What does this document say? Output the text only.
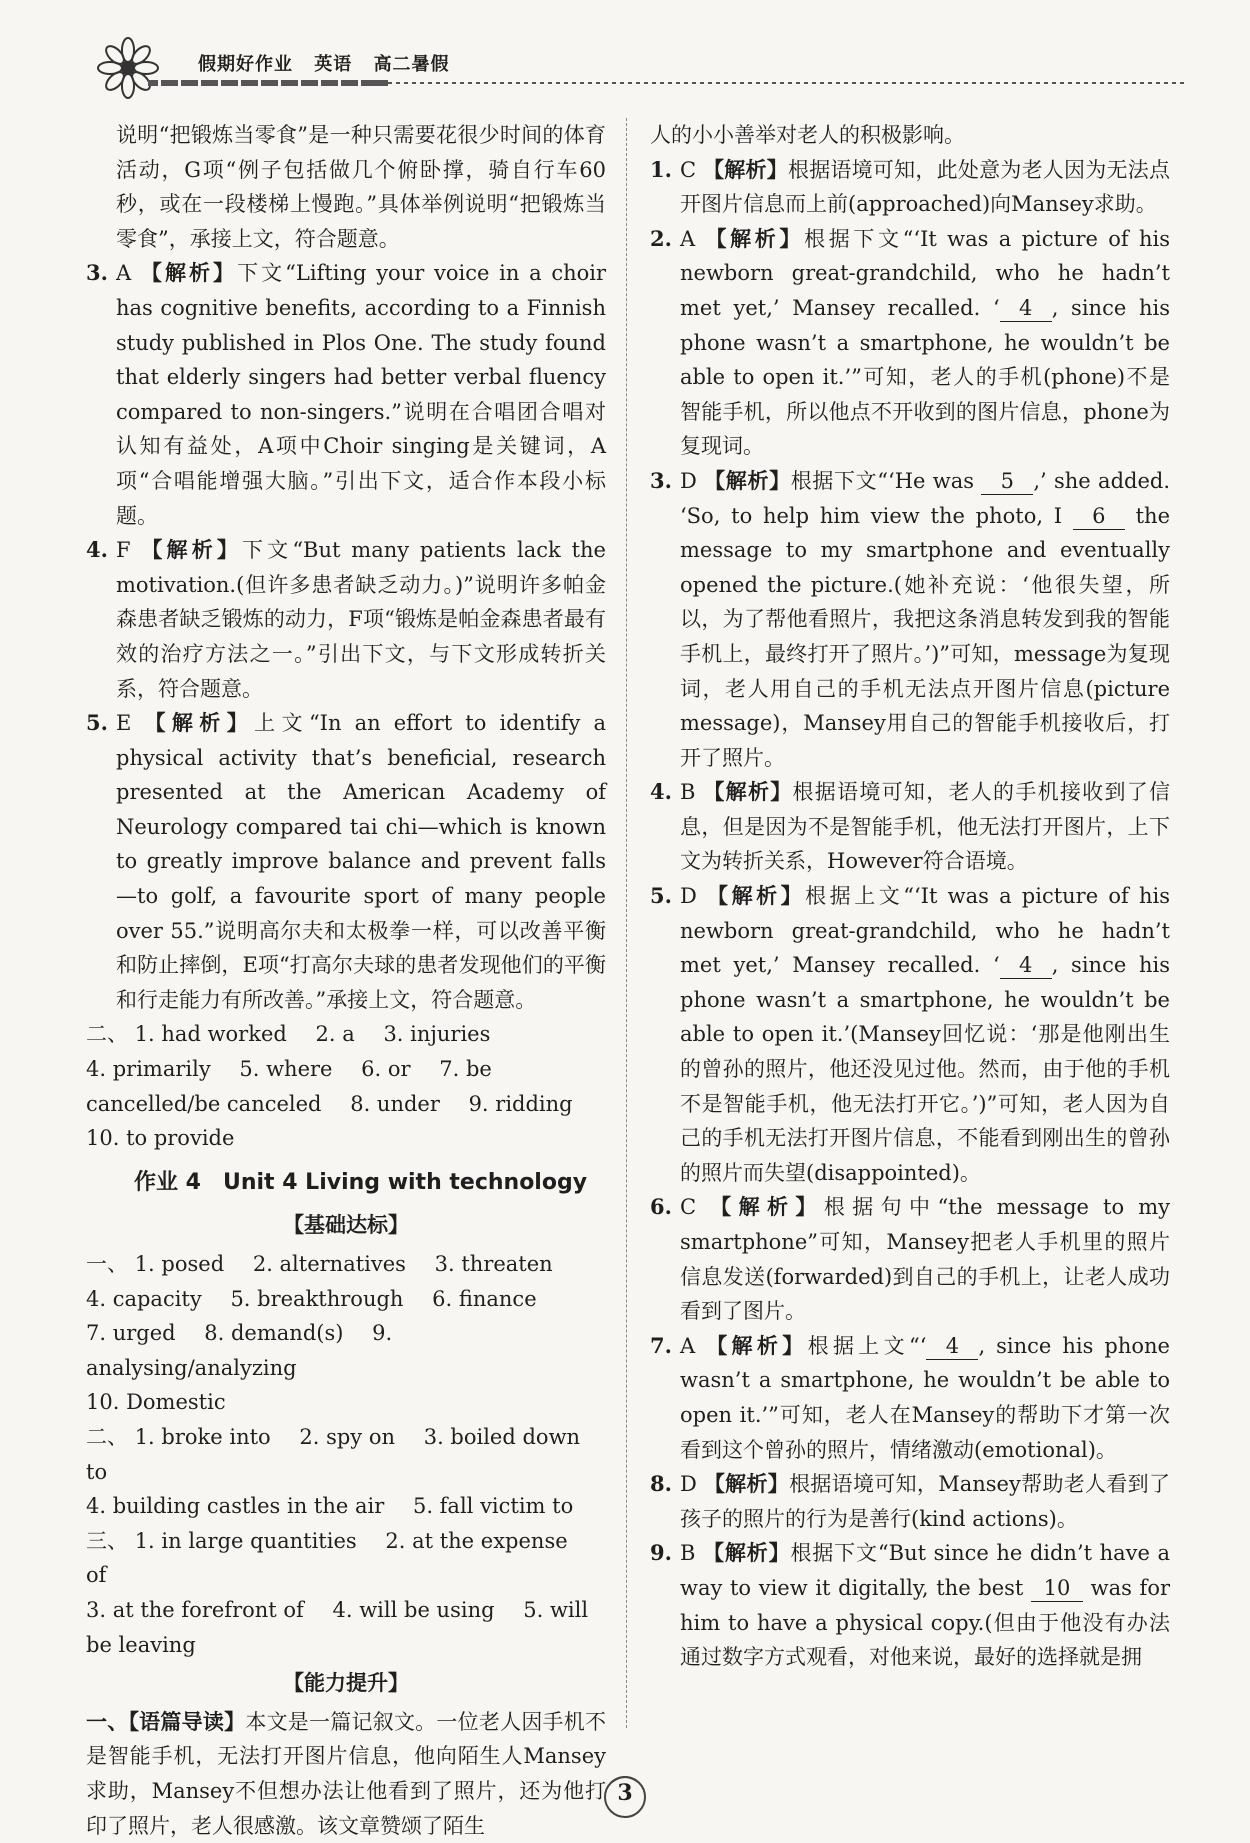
假期好作业 英语 高二暑假

说明“把锻炼当零食”是一种只需要花很少时间的体育活动，G项“例子包括做几个俯卧撑，骑自行车60秒，或在一段楼梯上慢跑。”具体举例说明“把锻炼当零食”，承接上文，符合题意。

3. A 【解析】下文“Lifting your voice in a choir has cognitive benefits, according to a Finnish study published in Plos One. The study found that elderly singers had better verbal fluency compared to non-singers.”说明在合唱团合唱对认知有益处，A项中Choir singing是关键词，A项“合唱能增强大脑。”引出下文，适合作本段小标题。

4. F 【解析】下文“But many patients lack the motivation.(但许多患者缺乏动力。)”说明许多帕金森患者缺乏锻炼的动力，F项“锻炼是帕金森患者最有效的治疗方法之一。”引出下文，与下文形成转折关系，符合题意。

5. E 【解析】上文“In an effort to identify a physical activity that’s beneficial, research presented at the American Academy of Neurology compared tai chi—which is known to greatly improve balance and prevent falls—to golf, a favourite sport of many people over 55.”说明高尔夫和太极拳一样，可以改善平衡和防止摔倒，E项“打高尔夫球的患者发现他们的平衡和行走能力有所改善。”承接上文，符合题意。

二、 1. had worked 2. a 3. injuries
4. primarily 5. where 6. or 7. be cancelled/be canceled 8. under 9. ridding 10. to provide

作业 4　Unit 4 Living with technology
【基础达标】

一、 1. posed 2. alternatives 3. threaten
4. capacity 5. breakthrough 6. finance
7. urged 8. demand(s) 9. analysing/analyzing
10. Domestic

二、 1. broke into 2. spy on 3. boiled down to
4. building castles in the air 5. fall victim to

三、 1. in large quantities 2. at the expense of
3. at the forefront of 4. will be using 5. will be leaving

【能力提升】

一、【语篇导读】本文是一篇记叙文。一位老人因手机不是智能手机，无法打开图片信息，他向陌生人Mansey求助，Mansey不但想办法让他看到了照片，还为他打印了照片，老人很感激。该文章赞颂了陌生

人的小小善举对老人的积极影响。

1. C 【解析】根据语境可知，此处意为老人因为无法点开图片信息而上前(approached)向Mansey求助。

2. A 【解析】根据下文“‘It was a picture of his newborn great-grandchild, who he hadn’t met yet,’ Mansey recalled. ‘ 4 , since his phone wasn’t a smartphone, he wouldn’t be able to open it.’”可知，老人的手机(phone)不是智能手机，所以他点不开收到的图片信息，phone为复现词。

3. D 【解析】根据下文“‘He was 5 ,’ she added. ‘So, to help him view the photo, I 6 the message to my smartphone and eventually opened the picture.(她补充说：‘他很失望，所以，为了帮他看照片，我把这条消息转发到我的智能手机上，最终打开了照片。’)”可知，message为复现词，老人用自己的手机无法点开图片信息(picture message)，Mansey用自己的智能手机接收后，打开了照片。

4. B 【解析】根据语境可知，老人的手机接收到了信息，但是因为不是智能手机，他无法打开图片，上下文为转折关系，However符合语境。

5. D 【解析】根据上文“‘It was a picture of his newborn great-grandchild, who he hadn’t met yet,’ Mansey recalled. ‘ 4 , since his phone wasn’t a smartphone, he wouldn’t be able to open it.’(Mansey回忆说：‘那是他刚出生的曾孙的照片，他还没见过他。然而，由于他的手机不是智能手机，他无法打开它。’)”可知，老人因为自己的手机无法打开图片信息，不能看到刚出生的曾孙的照片而失望(disappointed)。

6. C 【解析】根据句中“the message to my smartphone”可知，Mansey把老人手机里的照片信息发送(forwarded)到自己的手机上，让老人成功看到了图片。

7. A 【解析】根据上文“‘ 4 , since his phone wasn’t a smartphone, he wouldn’t be able to open it.’”可知，老人在Mansey的帮助下才第一次看到这个曾孙的照片，情绪激动(emotional)。

8. D 【解析】根据语境可知，Mansey帮助老人看到了孩子的照片的行为是善行(kind actions)。

9. B 【解析】根据下文“But since he didn’t have a way to view it digitally, the best 10 was for him to have a physical copy.(但由于他没有办法通过数字方式观看，对他来说，最好的选择就是拥

3
